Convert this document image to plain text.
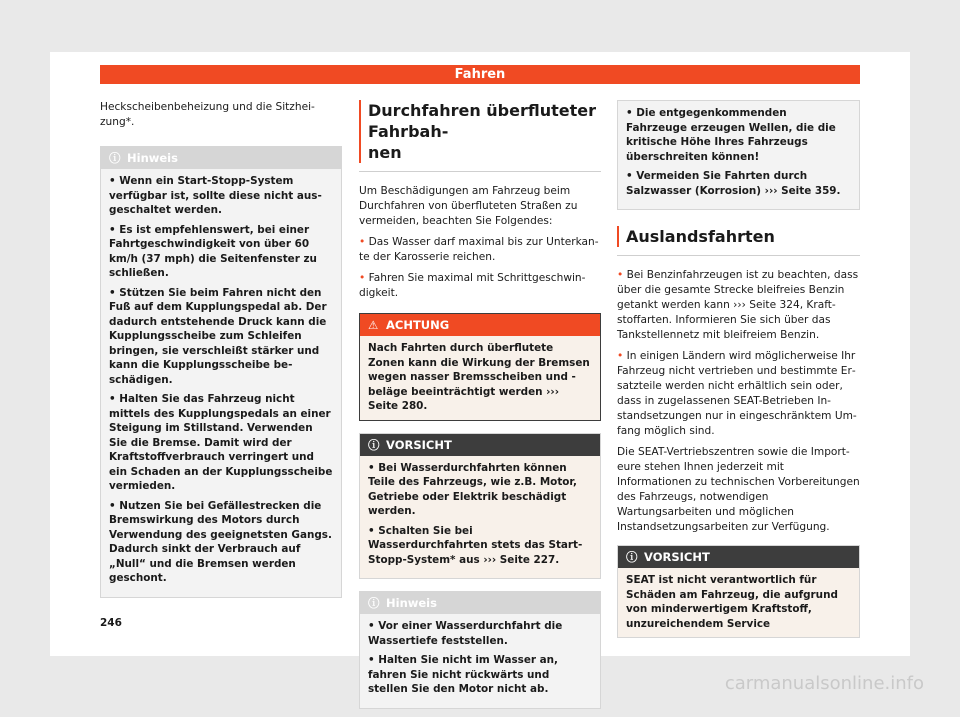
Fahren

Heckscheibenbeheizung und die Sitzhei-
zung*.

ⓘ Hinweis
• Wenn ein Start-Stopp-System verfügbar ist, sollte diese nicht ausgeschaltet werden.
• Es ist empfehlenswert, bei einer Fahrtgeschwindigkeit von über 60 km/h (37 mph) die Seitenfenster zu schließen.
• Stützen Sie beim Fahren nicht den Fuß auf dem Kupplungspedal ab. Der dadurch entstehende Druck kann die Kupplungsscheibe zum Schleifen bringen, sie verschleißt stärker und kann die Kupplungsscheibe beschädigen.
• Halten Sie das Fahrzeug nicht mittels des Kupplungspedals an einer Steigung im Stillstand. Verwenden Sie die Bremse. Damit wird der Kraftstoffverbrauch verringert und ein Schaden an der Kupplungsscheibe vermieden.
• Nutzen Sie bei Gefällestrecken die Bremswirkung des Motors durch Verwendung des geeignetsten Gangs. Dadurch sinkt der Verbrauch auf „Null“ und die Bremsen werden geschont.
Durchfahren überfluteter Fahrbah-
nen

Um Beschädigungen am Fahrzeug beim Durchfahren von überfluteten Straßen zu vermeiden, beachten Sie Folgendes:

• Das Wasser darf maximal bis zur Unterkante der Karosserie reichen.

• Fahren Sie maximal mit Schrittgeschwindigkeit.

⚠ ACHTUNG
Nach Fahrten durch überflutete Zonen kann die Wirkung der Bremsen wegen nasser Bremsscheiben und -beläge beeinträchtigt werden ››› Seite 280.
ⓘ VORSICHT
• Bei Wasserdurchfahrten können Teile des Fahrzeugs, wie z.B. Motor, Getriebe oder Elektrik beschädigt werden.
• Schalten Sie bei Wasserdurchfahrten stets das Start-Stopp-System* aus ››› Seite 227.
ⓘ Hinweis
• Vor einer Wasserdurchfahrt die Wassertiefe feststellen.
• Halten Sie nicht im Wasser an, fahren Sie nicht rückwärts und stellen Sie den Motor nicht ab.
• Die entgegenkommenden Fahrzeuge erzeugen Wellen, die die kritische Höhe Ihres Fahrzeugs überschreiten können!
• Vermeiden Sie Fahrten durch Salzwasser (Korrosion) ››› Seite 359.
Auslandsfahrten

• Bei Benzinfahrzeugen ist zu beachten, dass über die gesamte Strecke bleifreies Benzin getankt werden kann ››› Seite 324, Kraftstoffarten. Informieren Sie sich über das Tankstellennetz mit bleifreiem Benzin.

• In einigen Ländern wird möglicherweise Ihr Fahrzeug nicht vertrieben und bestimmte Ersatzteile werden nicht erhältlich sein oder, dass in zugelassenen SEAT-Betrieben Instandsetzungen nur in eingeschränktem Umfang möglich sind.

Die SEAT-Vertriebszentren sowie die Importeure stehen Ihnen jederzeit mit Informationen zu technischen Vorbereitungen des Fahrzeugs, notwendigen Wartungsarbeiten und möglichen Instandsetzungsarbeiten zur Verfügung.

ⓘ VORSICHT
SEAT ist nicht verantwortlich für Schäden am Fahrzeug, die aufgrund von minderwertigem Kraftstoff, unzureichendem Service
246
carmanualsonline.info
